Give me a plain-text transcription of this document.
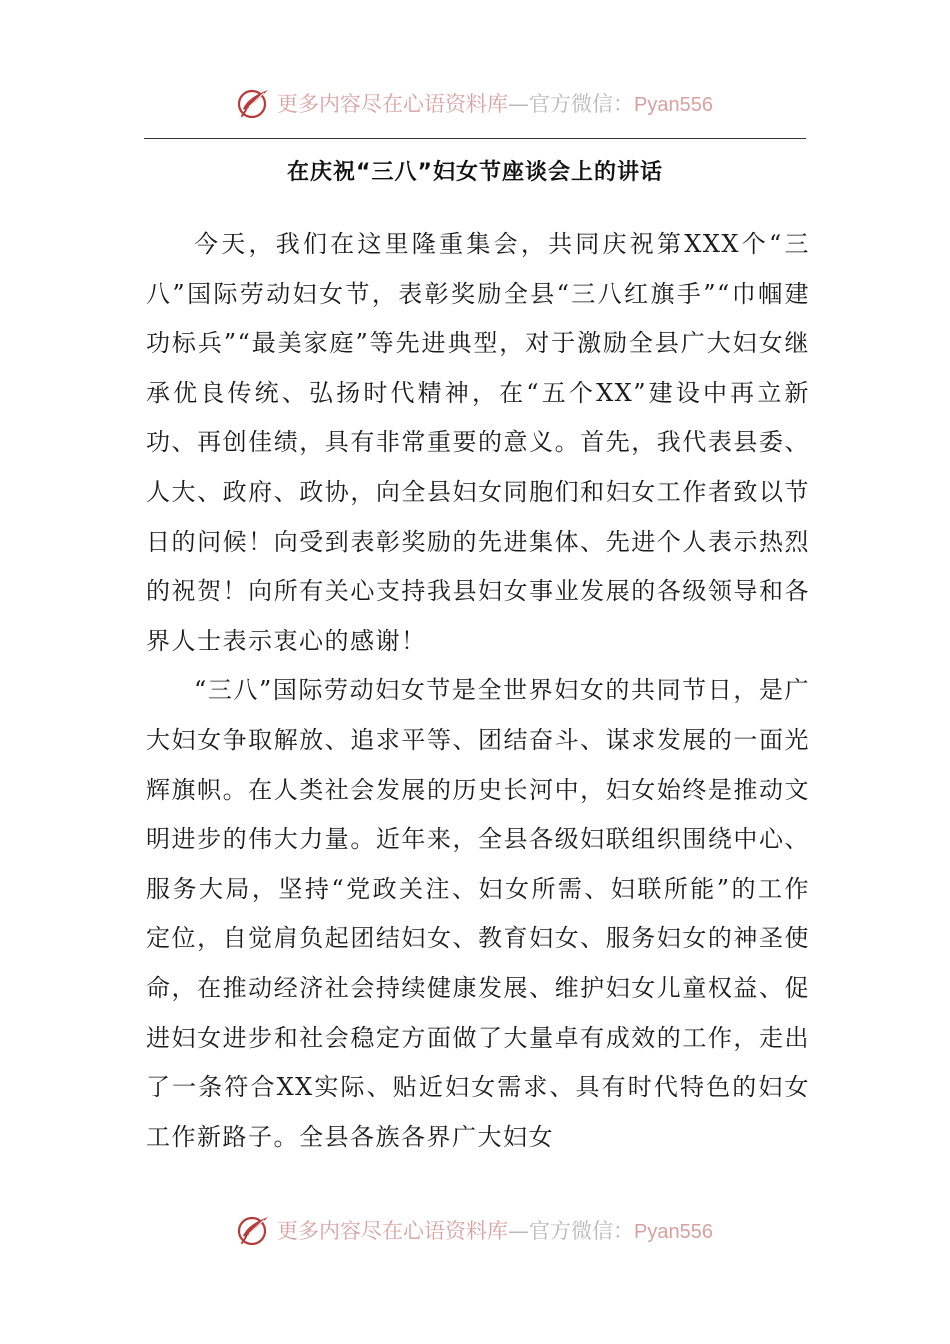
更多内容尽在心语资料库 — 官方微信： Pyan556
在庆祝“三八”妇女节座谈会上的讲话

今天，我们在这里隆重集会，共同庆祝第XXX个“三八”国际劳动妇女节，表彰奖励全县“三八红旗手”“巾帼建功标兵”“最美家庭”等先进典型，对于激励全县广大妇女继承优良传统、弘扬时代精神，在“五个XX”建设中再立新功、再创佳绩，具有非常重要的意义。首先，我代表县委、人大、政府、政协，向全县妇女同胞们和妇女工作者致以节日的问候！向受到表彰奖励的先进集体、先进个人表示热烈的祝贺！向所有关心支持我县妇女事业发展的各级领导和各界人士表示衷心的感谢！

“三八”国际劳动妇女节是全世界妇女的共同节日，是广大妇女争取解放、追求平等、团结奋斗、谋求发展的一面光辉旗帜。在人类社会发展的历史长河中，妇女始终是推动文明进步的伟大力量。近年来，全县各级妇联组织围绕中心、服务大局，坚持“党政关注、妇女所需、妇联所能”的工作定位，自觉肩负起团结妇女、教育妇女、服务妇女的神圣使命，在推动经济社会持续健康发展、维护妇女儿童权益、促进妇女进步和社会稳定方面做了大量卓有成效的工作，走出了一条符合XX实际、贴近妇女需求、具有时代特色的妇女工作新路子。全县各族各界广大妇女

更多内容尽在心语资料库 — 官方微信： Pyan556
